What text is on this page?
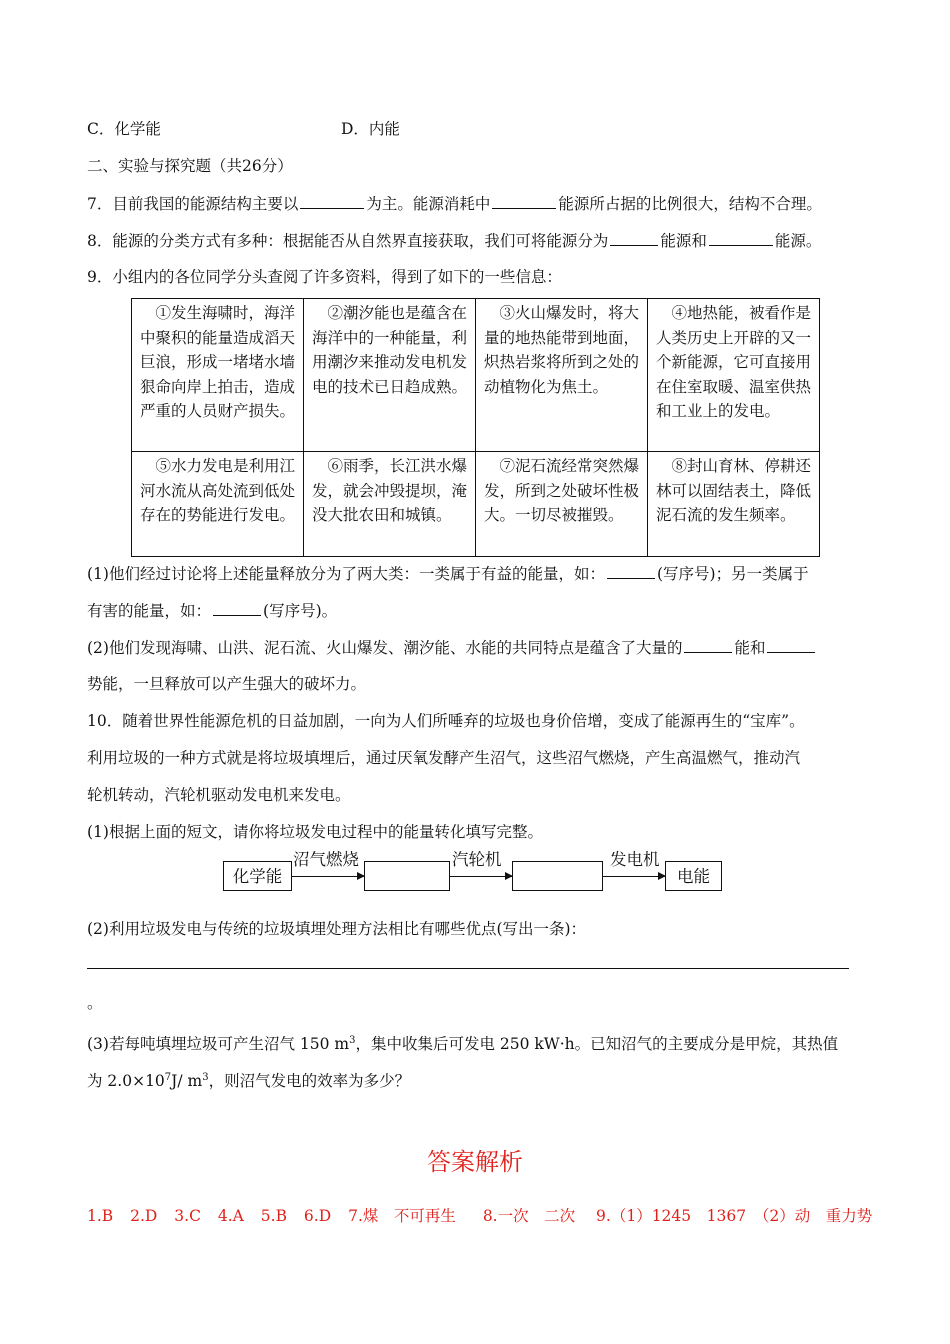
C．化学能	D．内能
二、实验与探究题（共26分）
7．目前我国的能源结构主要以	为主。能源消耗中	能源所占据的比例很大，结构不合理。
8．能源的分类方式有多种：根据能否从自然界直接获取，我们可将能源分为	能源和	能源。
9．小组内的各位同学分头查阅了许多资料，得到了如下的一些信息：
①发生海啸时，海洋中聚积的能量造成滔天巨浪，形成一堵堵水墙狠命向岸上拍击，造成严重的人员财产损失。	②潮汐能也是蕴含在海洋中的一种能量，利用潮汐来推动发电机发电的技术已日趋成熟。	③火山爆发时，将大量的地热能带到地面，炽热岩浆将所到之处的动植物化为焦土。	④地热能，被看作是人类历史上开辟的又一个新能源，它可直接用在住室取暖、温室供热和工业上的发电。
⑤水力发电是利用江河水流从高处流到低处存在的势能进行发电。	⑥雨季，长江洪水爆发，就会冲毁提坝，淹没大批农田和城镇。	⑦泥石流经常突然爆发，所到之处破坏性极大。一切尽被摧毁。	⑧封山育林、停耕还林可以固结表土，降低泥石流的发生频率。
(1)他们经过讨论将上述能量释放分为了两大类：一类属于有益的能量，如：	(写序号)；另一类属于
有害的能量，如：	(写序号)。
(2)他们发现海啸、山洪、泥石流、火山爆发、潮汐能、水能的共同特点是蕴含了大量的	能和
势能，一旦释放可以产生强大的破坏力。
10．随着世界性能源危机的日益加剧，一向为人们所唾弃的垃圾也身价倍增，变成了能源再生的“宝库”。
利用垃圾的一种方式就是将垃圾填埋后，通过厌氧发酵产生沼气，这些沼气燃烧，产生高温燃气，推动汽
轮机转动，汽轮机驱动发电机来发电。
(1)根据上面的短文，请你将垃圾发电过程中的能量转化填写完整。
化学能
沼气燃烧	汽轮机	发电机
电能
(2)利用垃圾发电与传统的垃圾填埋处理方法相比有哪些优点(写出一条)：
。
(3)若每吨填埋垃圾可产生沼气 150 $m^3$，集中收集后可发电 250 kW·h。已知沼气的主要成分是甲烷，其热值
为 $2.0\times 10^7J/$ $m^3$，则沼气发电的效率为多少？
答案解析
1.B 2.D 3.C 4.A 5.B 6.D 7.煤　不可再生 8.一次　二次 9.（1）1245　1367　（2）动　重力势
